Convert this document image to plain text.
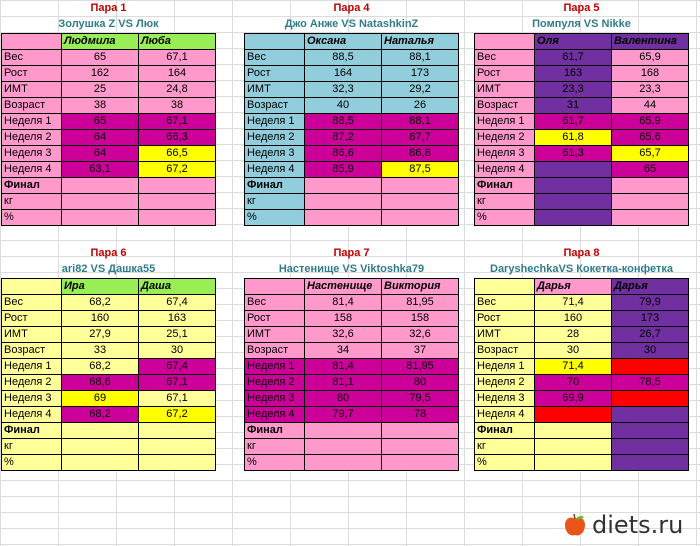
Пара 1
Золушка Z VS Люк
	Людмила	Люба
Вес	65	67,1
Рост	162	164
ИМТ	25	24,8
Возраст	38	38
Неделя 1	65	67,1
Неделя 2	64	66,3
Неделя 3	64	66,5
Неделя 4	63,1	67,2
Финал		
кг		
%		
Пара 4
Джо Анже VS NatashkinZ
	Оксана	Наталья
Вес	88,5	88,1
Рост	164	173
ИМТ	32,3	29,2
Возраст	40	26
Неделя 1	88,5	88,1
Неделя 2	87,2	87,7
Неделя 3	86,6	86,8
Неделя 4	85,9	87,5
Финал		
кг		
%		
Пара 5
Помпуля VS Nikke
	Оля	Валентина
Вес	61,7	65,9
Рост	163	168
ИМТ	23,3	23,3
Возраст	31	44
Неделя 1	61,7	65,9
Неделя 2	61,8	65,6
Неделя 3	61,3	65,7
Неделя 4		65
Финал		
кг		
%		
Пара 6
ari82 VS Дашка55
	Ира	Даша
Вес	68,2	67,4
Рост	160	163
ИМТ	27,9	25,1
Возраст	33	30
Неделя 1	68,2	67,4
Неделя 2	68,6	67,1
Неделя 3	69	67,1
Неделя 4	68,2	67,2
Финал		
кг		
%		
Пара 7
Настенище VS Viktoshka79
	Настенище	Виктория
Вес	81,4	81,95
Рост	158	158
ИМТ	32,6	32,6
Возраст	34	37
Неделя 1	81,4	81,95
Неделя 2	81,1	80
Неделя 3	80	79,5
Неделя 4	79,7	78
Финал		
кг		
%		
Пара 8
DaryshechkaVS Кокетка-конфетка
	Дарья	Дарья
Вес	71,4	79,9
Рост	160	173
ИМТ	28	26,7
Возраст	30	30
Неделя 1	71,4	
Неделя 2	70	78,5
Неделя 3	69,9	
Неделя 4		
Финал		
кг		
%		
diets.ru
